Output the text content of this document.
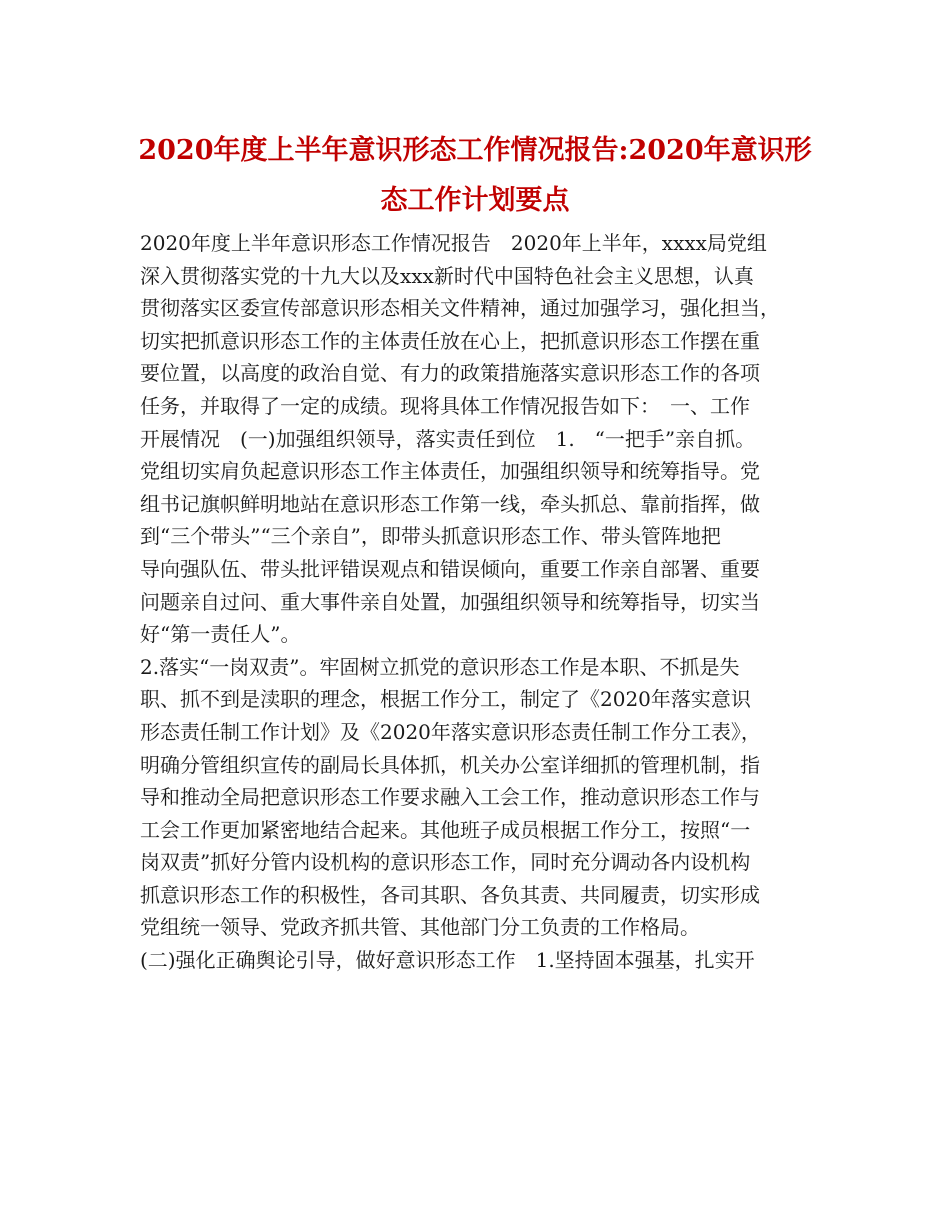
2020年度上半年意识形态工作情况报告:2020年意识形
态工作计划要点
2020年度上半年意识形态工作情况报告　2020年上半年，xxxx局党组
深入贯彻落实党的十九大以及xxx新时代中国特色社会主义思想，认真
贯彻落实区委宣传部意识形态相关文件精神，通过加强学习，强化担当，
切实把抓意识形态工作的主体责任放在心上，把抓意识形态工作摆在重
要位置，以高度的政治自觉、有力的政策措施落实意识形态工作的各项
任务，并取得了一定的成绩。现将具体工作情况报告如下：　一、工作
开展情况　(一)加强组织领导，落实责任到位　1.　“一把手”亲自抓。
党组切实肩负起意识形态工作主体责任，加强组织领导和统筹指导。党
组书记旗帜鲜明地站在意识形态工作第一线，牵头抓总、靠前指挥，做
到“三个带头”“三个亲自”，即带头抓意识形态工作、带头管阵地把
导向强队伍、带头批评错误观点和错误倾向，重要工作亲自部署、重要
问题亲自过问、重大事件亲自处置，加强组织领导和统筹指导，切实当
好“第一责任人”。
2.落实“一岗双责”。牢固树立抓党的意识形态工作是本职、不抓是失
职、抓不到是渎职的理念，根据工作分工，制定了《2020年落实意识
形态责任制工作计划》及《2020年落实意识形态责任制工作分工表》，
明确分管组织宣传的副局长具体抓，机关办公室详细抓的管理机制，指
导和推动全局把意识形态工作要求融入工会工作，推动意识形态工作与
工会工作更加紧密地结合起来。其他班子成员根据工作分工，按照“一
岗双责”抓好分管内设机构的意识形态工作，同时充分调动各内设机构
抓意识形态工作的积极性，各司其职、各负其责、共同履责，切实形成
党组统一领导、党政齐抓共管、其他部门分工负责的工作格局。
(二)强化正确舆论引导，做好意识形态工作　1.坚持固本强基，扎实开
